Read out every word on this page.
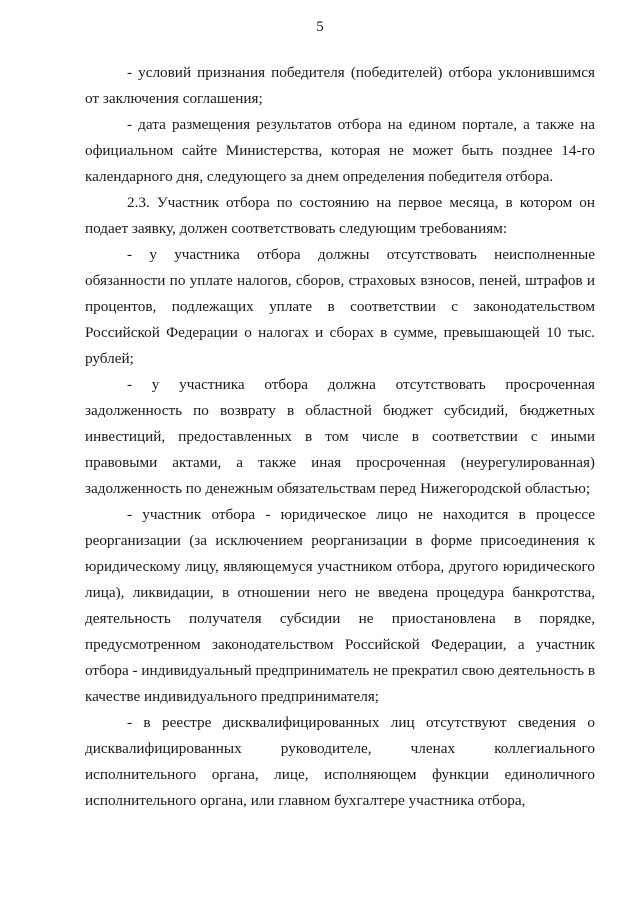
5

- условий признания победителя (победителей) отбора уклонившимся от заключения соглашения;

- дата размещения результатов отбора на едином портале, а также на официальном сайте Министерства, которая не может быть позднее 14-го календарного дня, следующего за днем определения победителя отбора.

2.3. Участник отбора по состоянию на первое месяца, в котором он подает заявку, должен соответствовать следующим требованиям:

- у участника отбора должны отсутствовать неисполненные обязанности по уплате налогов, сборов, страховых взносов, пеней, штрафов и процентов, подлежащих уплате в соответствии с законодательством Российской Федерации о налогах и сборах в сумме, превышающей 10 тыс. рублей;

- у участника отбора должна отсутствовать просроченная задолженность по возврату в областной бюджет субсидий, бюджетных инвестиций, предоставленных в том числе в соответствии с иными правовыми актами, а также иная просроченная (неурегулированная) задолженность по денежным обязательствам перед Нижегородской областью;

- участник отбора - юридическое лицо не находится в процессе реорганизации (за исключением реорганизации в форме присоединения к юридическому лицу, являющемуся участником отбора, другого юридического лица), ликвидации, в отношении него не введена процедура банкротства, деятельность получателя субсидии не приостановлена в порядке, предусмотренном законодательством Российской Федерации, а участник отбора - индивидуальный предприниматель не прекратил свою деятельность в качестве индивидуального предпринимателя;

- в реестре дисквалифицированных лиц отсутствуют сведения о дисквалифицированных руководителе, членах коллегиального исполнительного органа, лице, исполняющем функции единоличного исполнительного органа, или главном бухгалтере участника отбора,
